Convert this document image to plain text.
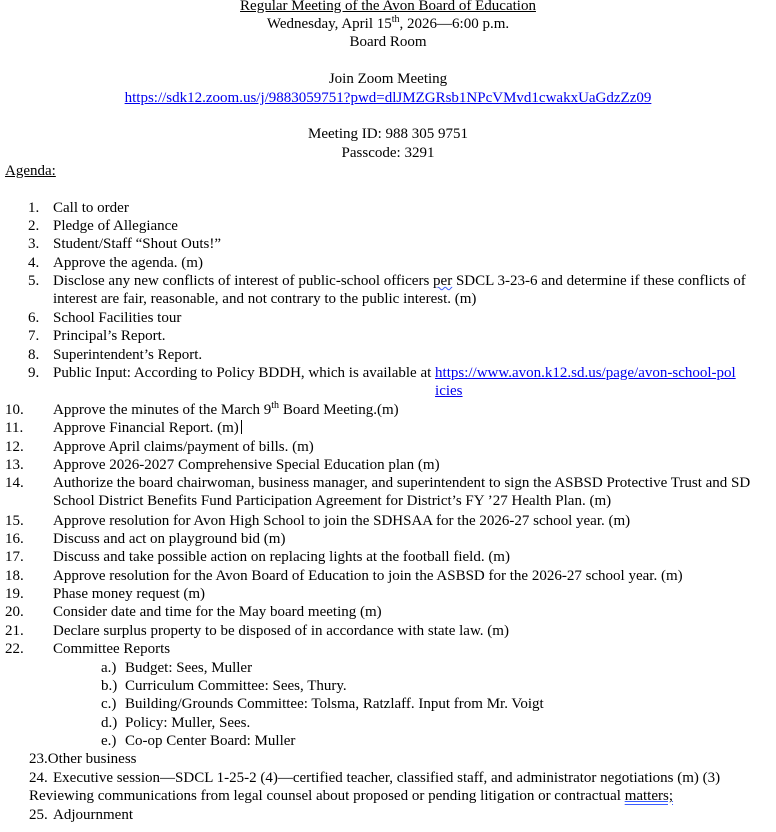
Regular Meeting of the Avon Board of Education
Wednesday, April 15th, 2026—6:00 p.m.
Board Room
Join Zoom Meeting
https://sdk12.zoom.us/j/9883059751?pwd=dlJMZGRsb1NPcVMvd1cwakxUaGdzZz09
Meeting ID: 988 305 9751
Passcode: 3291
Agenda:
1. Call to order
2. Pledge of Allegiance
3. Student/Staff “Shout Outs!”
4. Approve the agenda. (m)
5. Disclose any new conflicts of interest of public-school officers per SDCL 3-23-6 and determine if these conflicts of interest are fair, reasonable, and not contrary to the public interest. (m)
6. School Facilities tour
7. Principal’s Report.
8. Superintendent’s Report.
9. Public Input: According to Policy BDDH, which is available at https://www.avon.k12.sd.us/page/avon-school-policies
10. Approve the minutes of the March 9th Board Meeting.(m)
11. Approve Financial Report. (m)
12. Approve April claims/payment of bills. (m)
13. Approve 2026-2027 Comprehensive Special Education plan (m)
14. Authorize the board chairwoman, business manager, and superintendent to sign the ASBSD Protective Trust and SD School District Benefits Fund Participation Agreement for District’s FY ’27 Health Plan. (m)
15. Approve resolution for Avon High School to join the SDHSAA for the 2026-27 school year. (m)
16. Discuss and act on playground bid (m)
17. Discuss and take possible action on replacing lights at the football field. (m)
18. Approve resolution for the Avon Board of Education to join the ASBSD for the 2026-27 school year. (m)
19. Phase money request (m)
20. Consider date and time for the May board meeting (m)
21. Declare surplus property to be disposed of in accordance with state law. (m)
22. Committee Reports
a.) Budget: Sees, Muller
b.) Curriculum Committee: Sees, Thury.
c.) Building/Grounds Committee: Tolsma, Ratzlaff. Input from Mr. Voigt
d.) Policy: Muller, Sees.
e.) Co-op Center Board: Muller
23.Other business
24. Executive session—SDCL 1-25-2 (4)—certified teacher, classified staff, and administrator negotiations (m) (3) Reviewing communications from legal counsel about proposed or pending litigation or contractual matters;
25. Adjournment
